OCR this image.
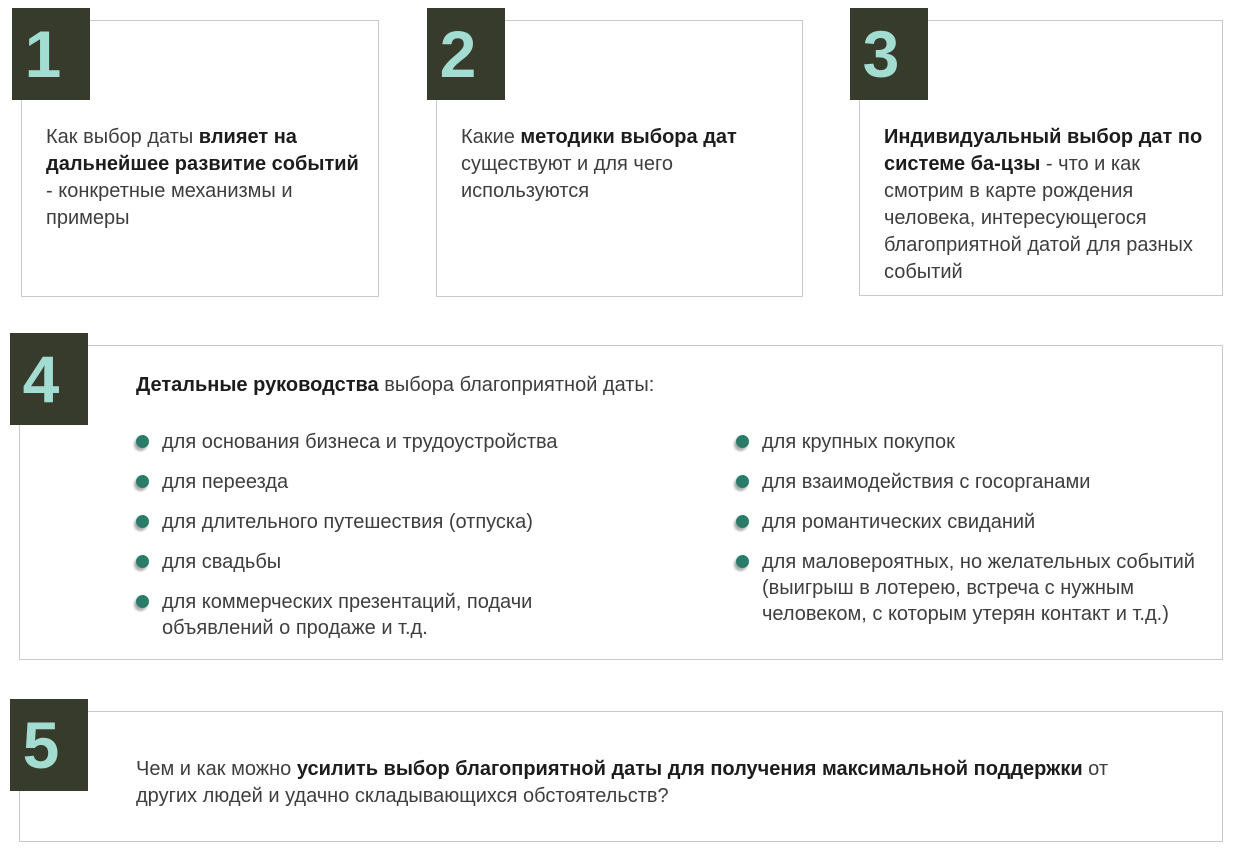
1

Как выбор даты влияет на дальнейшее развитие событий - конкретные механизмы и примеры

2

Какие методики выбора дат существуют и для чего используются

3

Индивидуальный выбор дат по системе ба-цзы - что и как смотрим в карте рождения человека, интересующегося благоприятной датой для разных событий

4	Детальные руководства выбора благоприятной даты:

для основания бизнеса и трудоустройства
для переезда
для длительного путешествия (отпуска)
для свадьбы
для коммерческих презентаций, подачи объявлений о продаже и т.д.
для крупных покупок
для взаимодействия с госорганами
для романтических свиданий
для маловероятных, но желательных событий (выигрыш в лотерею, встреча с нужным человеком, с которым утерян контакт и т.д.)
5	Чем и как можно усилить выбор благоприятной даты для получения максимальной поддержки от других людей и удачно складывающихся обстоятельств?
